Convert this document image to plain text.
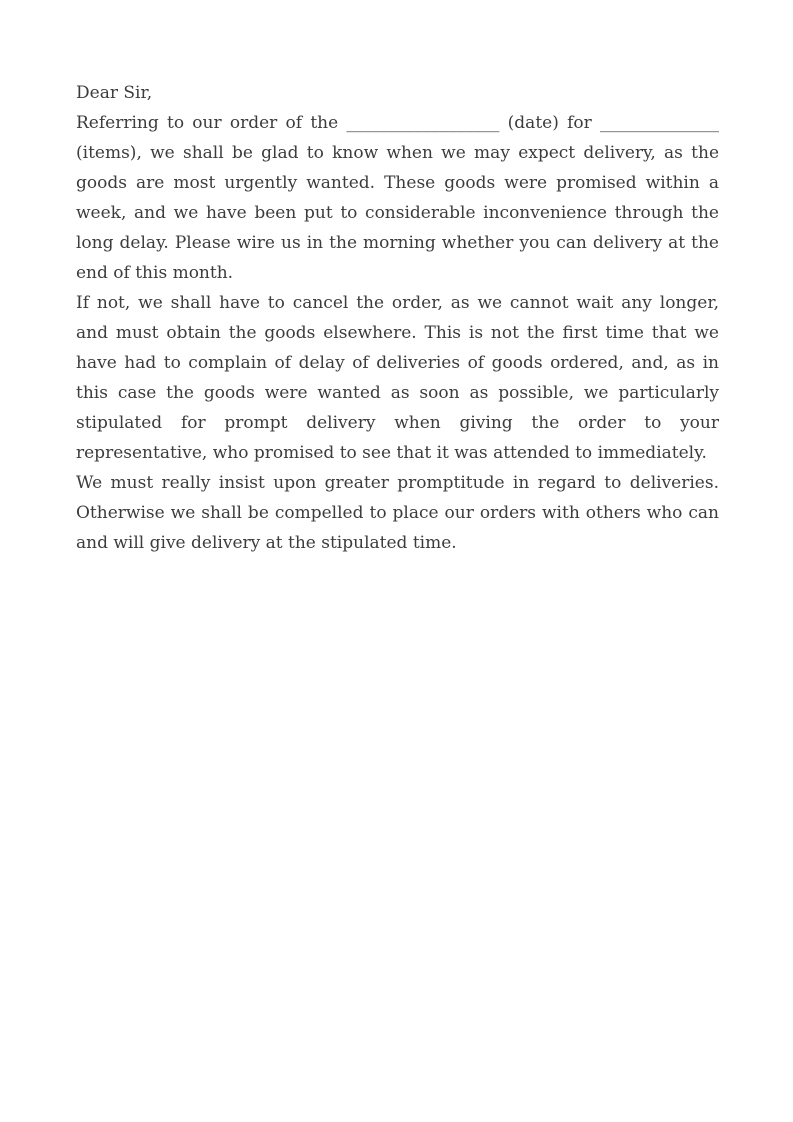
Dear Sir,

Referring to our order of the __________________ (date) for ______________ (items), we shall be glad to know when we may expect delivery, as the goods are most urgently wanted. These goods were promised within a week, and we have been put to considerable inconvenience through the long delay. Please wire us in the morning whether you can delivery at the end of this month.

If not, we shall have to cancel the order, as we cannot wait any longer, and must obtain the goods elsewhere. This is not the first time that we have had to complain of delay of deliveries of goods ordered, and, as in this case the goods were wanted as soon as possible, we particularly stipulated for prompt delivery when giving the order to your representative, who promised to see that it was attended to immediately.

We must really insist upon greater promptitude in regard to deliveries. Otherwise we shall be compelled to place our orders with others who can and will give delivery at the stipulated time.
